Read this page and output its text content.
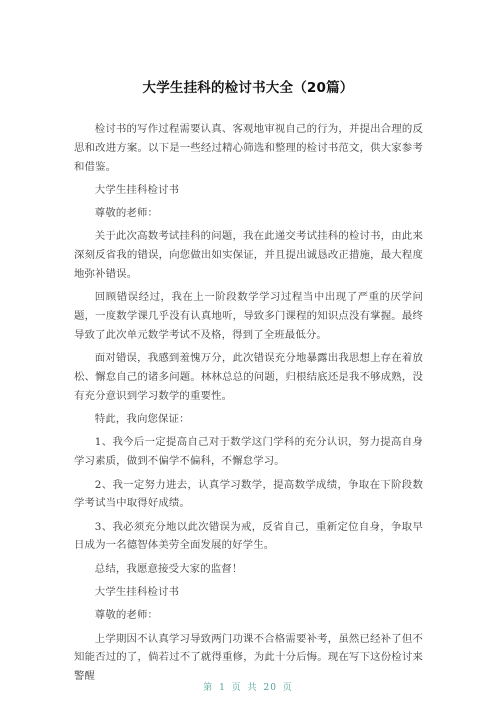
大学生挂科的检讨书大全（20篇）

检讨书的写作过程需要认真、客观地审视自己的行为，并提出合理的反思和改进方案。以下是一些经过精心筛选和整理的检讨书范文，供大家参考和借鉴。

大学生挂科检讨书

尊敬的老师：

关于此次高数考试挂科的问题，我在此递交考试挂科的检讨书，由此来深刻反省我的错误，向您做出如实保证，并且提出诚恳改正措施，最大程度地弥补错误。

回顾错误经过，我在上一阶段数学学习过程当中出现了严重的厌学问题，一度数学课几乎没有认真地听，导致多门课程的知识点没有掌握。最终导致了此次单元数学考试不及格，得到了全班最低分。

面对错误，我感到羞愧万分，此次错误充分地暴露出我思想上存在着放松、懈怠自己的诸多问题。林林总总的问题，归根结底还是我不够成熟，没有充分意识到学习数学的重要性。

特此，我向您保证：

1、我今后一定提高自己对于数学这门学科的充分认识，努力提高自身学习素质，做到不偏学不偏科，不懈怠学习。

2、我一定努力进去，认真学习数学，提高数学成绩，争取在下阶段数学考试当中取得好成绩。

3、我必须充分地以此次错误为戒，反省自己，重新定位自身，争取早日成为一名德智体美劳全面发展的好学生。

总结，我愿意接受大家的监督！

大学生挂科检讨书

尊敬的老师：

上学期因不认真学习导致两门功课不合格需要补考，虽然已经补了但不知能否过的了，倘若过不了就得重修，为此十分后悔。现在写下这份检讨来警醒

第 1 页 共 20 页
